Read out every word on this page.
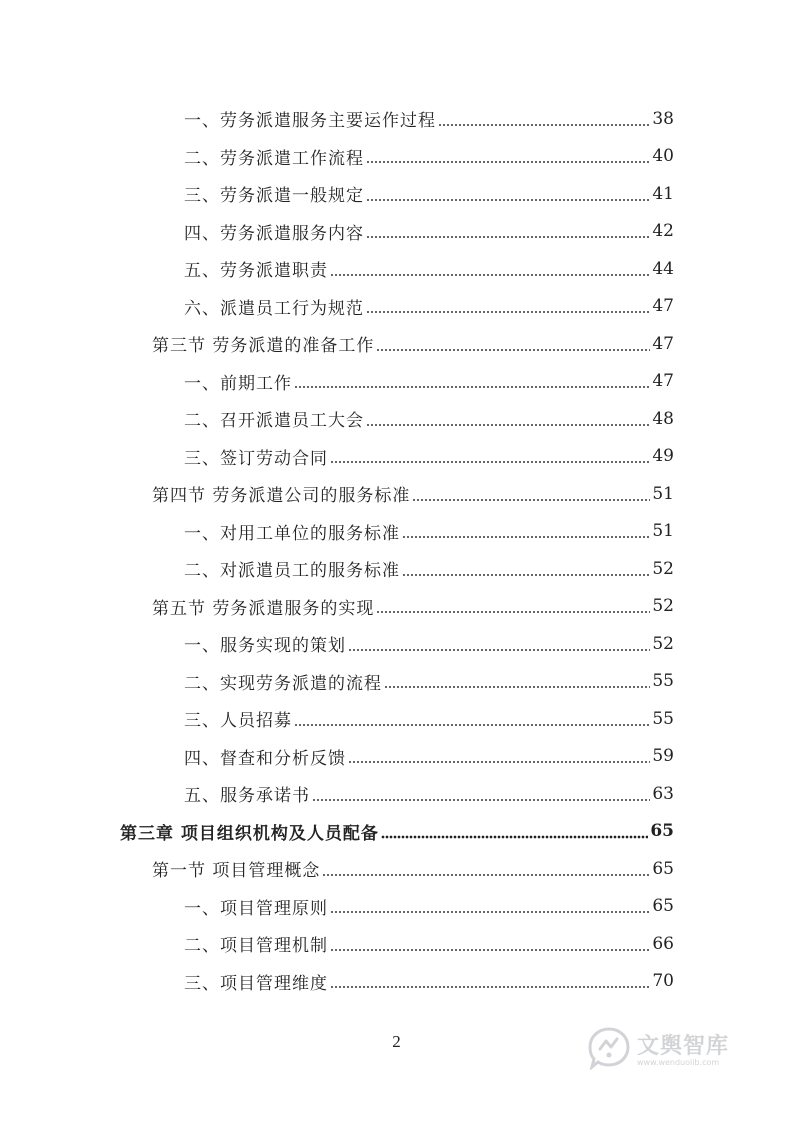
一、劳务派遣服务主要运作过程	38
二、劳务派遣工作流程	40
三、劳务派遣一般规定	41
四、劳务派遣服务内容	42
五、劳务派遣职责	44
六、派遣员工行为规范	47
第三节 劳务派遣的准备工作	47
一、前期工作	47
二、召开派遣员工大会	48
三、签订劳动合同	49
第四节 劳务派遣公司的服务标准	51
一、对用工单位的服务标准	51
二、对派遣员工的服务标准	52
第五节 劳务派遣服务的实现	52
一、服务实现的策划	52
二、实现劳务派遣的流程	55
三、人员招募	55
四、督查和分析反馈	59
五、服务承诺书	63
第三章 项目组织机构及人员配备	65
第一节 项目管理概念	65
一、项目管理原则	65
二、项目管理机制	66
三、项目管理维度	70
2	文舆智库
www.wenduolib.com
